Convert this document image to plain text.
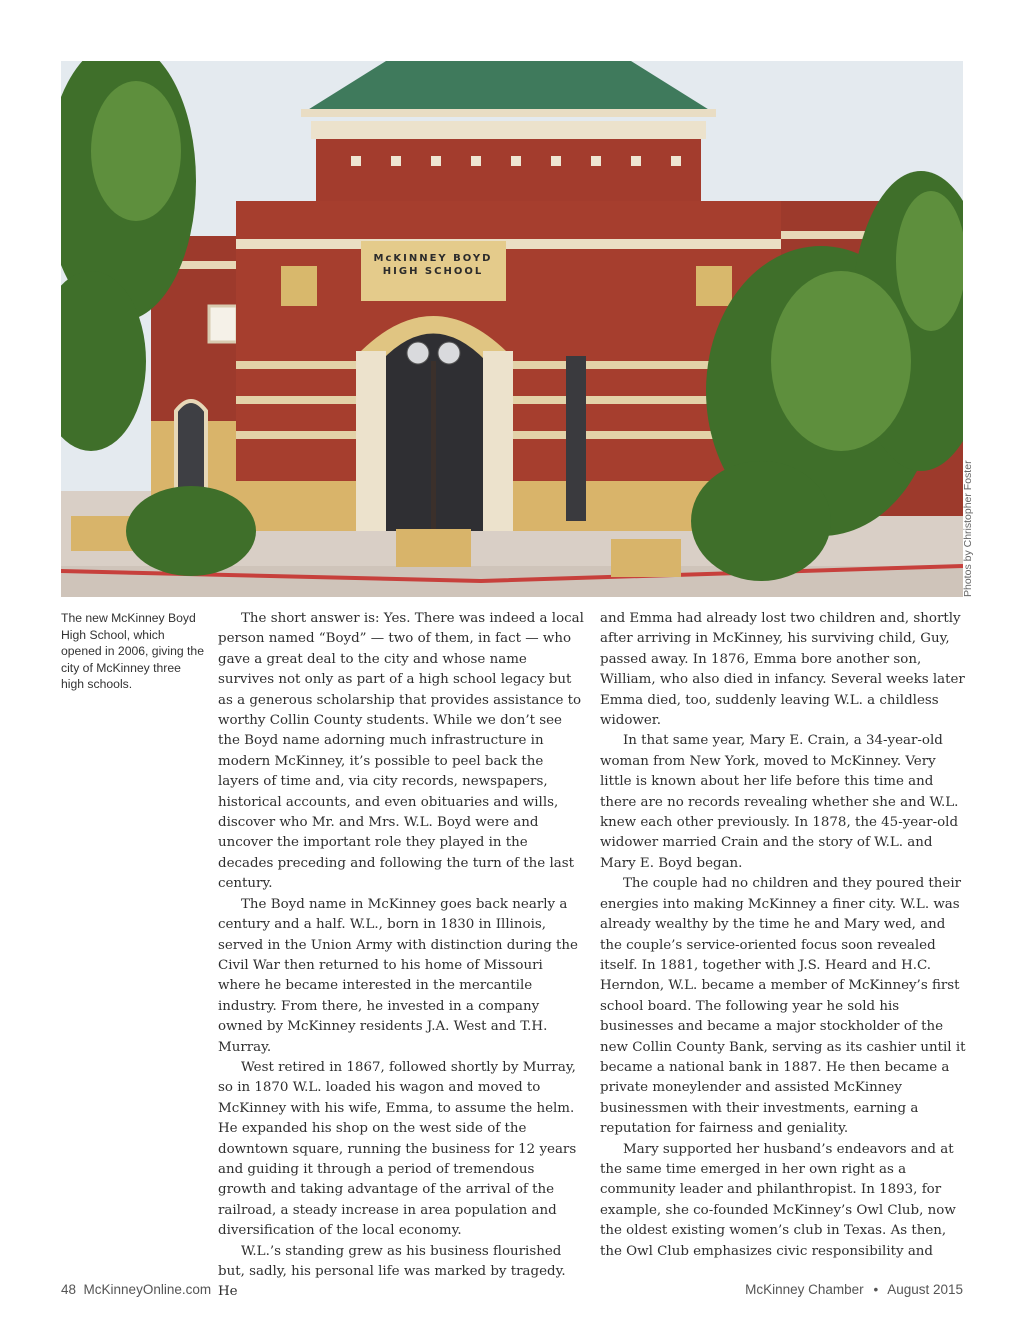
McKINNEY BOYD
HIGH SCHOOL
Photos by Christopher Foster
The new McKinney Boyd High School, which opened in 2006, giving the city of McKinney three high schools.

The short answer is: Yes. There was indeed a local person named “Boyd” — two of them, in fact — who gave a great deal to the city and whose name survives not only as part of a high school legacy but as a generous scholarship that provides assistance to worthy Collin County students. While we don’t see the Boyd name adorning much infrastructure in modern McKinney, it’s possible to peel back the layers of time and, via city records, newspapers, historical accounts, and even obituaries and wills, discover who Mr. and Mrs. W.L. Boyd were and uncover the important role they played in the decades preceding and following the turn of the last century.

The Boyd name in McKinney goes back nearly a century and a half. W.L., born in 1830 in Illinois, served in the Union Army with distinction during the Civil War then returned to his home of Missouri where he became interested in the mercantile industry. From there, he invested in a company owned by McKinney residents J.A. West and T.H. Murray.

West retired in 1867, followed shortly by Murray, so in 1870 W.L. loaded his wagon and moved to McKinney with his wife, Emma, to assume the helm. He expanded his shop on the west side of the downtown square, running the business for 12 years and guiding it through a period of tremendous growth and taking advantage of the arrival of the railroad, a steady increase in area population and diversification of the local economy.

W.L.’s standing grew as his business flourished but, sadly, his personal life was marked by tragedy. He

and Emma had already lost two children and, shortly after arriving in McKinney, his surviving child, Guy, passed away. In 1876, Emma bore another son, William, who also died in infancy. Several weeks later Emma died, too, suddenly leaving W.L. a childless widower.

In that same year, Mary E. Crain, a 34-year-old woman from New York, moved to McKinney. Very little is known about her life before this time and there are no records revealing whether she and W.L. knew each other previously. In 1878, the 45-year-old widower married Crain and the story of W.L. and Mary E. Boyd began.

The couple had no children and they poured their energies into making McKinney a finer city. W.L. was already wealthy by the time he and Mary wed, and the couple’s service-oriented focus soon revealed itself. In 1881, together with J.S. Heard and H.C. Herndon, W.L. became a member of McKinney’s first school board. The following year he sold his businesses and became a major stockholder of the new Collin County Bank, serving as its cashier until it became a national bank in 1887. He then became a private moneylender and assisted McKinney businessmen with their investments, earning a reputation for fairness and geniality.

Mary supported her husband’s endeavors and at the same time emerged in her own right as a community leader and philanthropist. In 1893, for example, she co-founded McKinney’s Owl Club, now the oldest existing women’s club in Texas. As then, the Owl Club emphasizes civic responsibility and

48 McKinneyOnline.com	McKinney Chamber • August 2015
